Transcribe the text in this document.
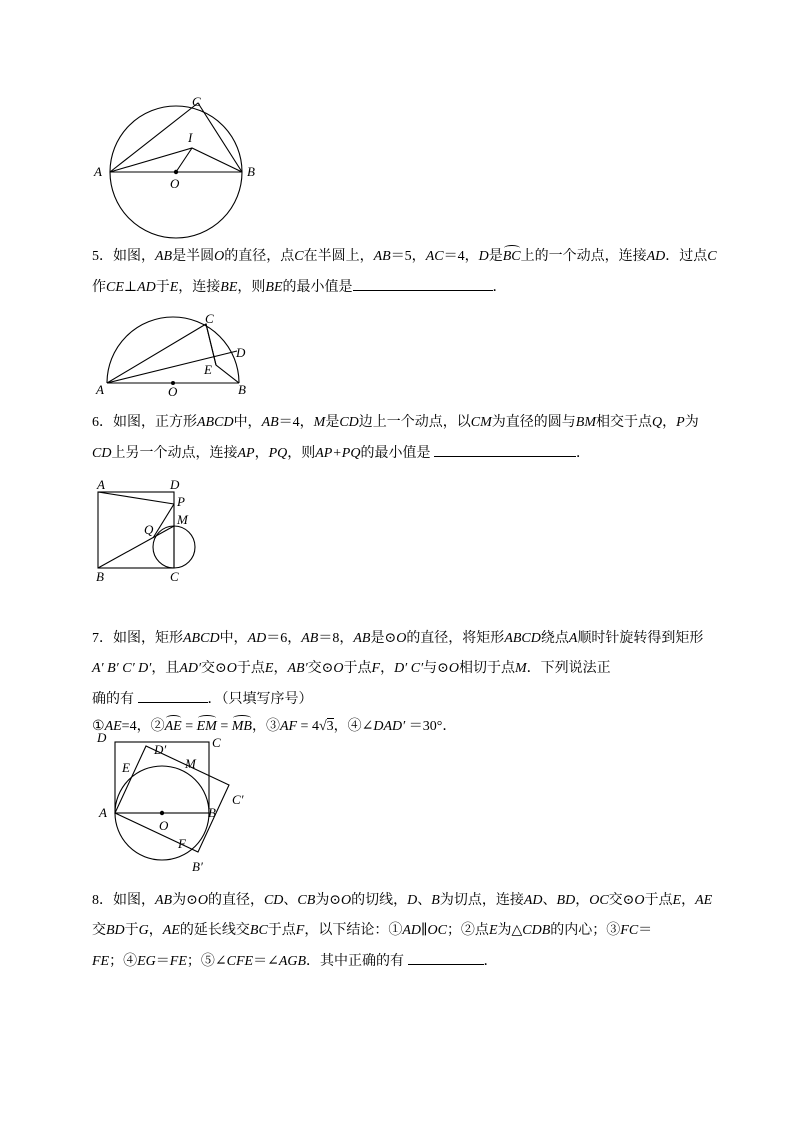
A	B
C
I
O
5．如图，AB是半圆O的直径，点C在半圆上，AB＝5，AC＝4，D是BC上的一个动点，连接AD．过点C
作CE⊥AD于E，连接BE，则BE的最小值是	．
A	B
C
D
E
O
6．如图，正方形ABCD中，AB＝4，M是CD边上一个动点，以CM为直径的圆与BM相交于点Q，P为
CD上另一个动点，连接AP，PQ，则AP+PQ的最小值是	．
A	D
P
M
Q
B	C
7．如图，矩形ABCD中，AD＝6，AB＝8，AB是⊙O的直径，将矩形ABCD绕点A顺时针旋转得到矩形
A′ B′ C′ D′，且AD′交⊙O于点E，AB′交⊙O于点F，D′ C′与⊙O相切于点M．下列说法正
确的有	．（只填写序号）
①AE=4，②AE = EM = MB，③AF = 4√3，④∠DAD′ ＝30°．
D	C
D′
E	M
C′
A	B
O
F
B′
8．如图，AB为⊙O的直径，CD、CB为⊙O的切线，D、B为切点，连接AD、BD，OC交⊙O于点E，AE
交BD于G，AE的延长线交BC于点F，以下结论：①AD∥OC；②点E为△CDB的内心；③FC＝
FE；④EG＝FE；⑤∠CFE＝∠AGB．其中正确的有	．
